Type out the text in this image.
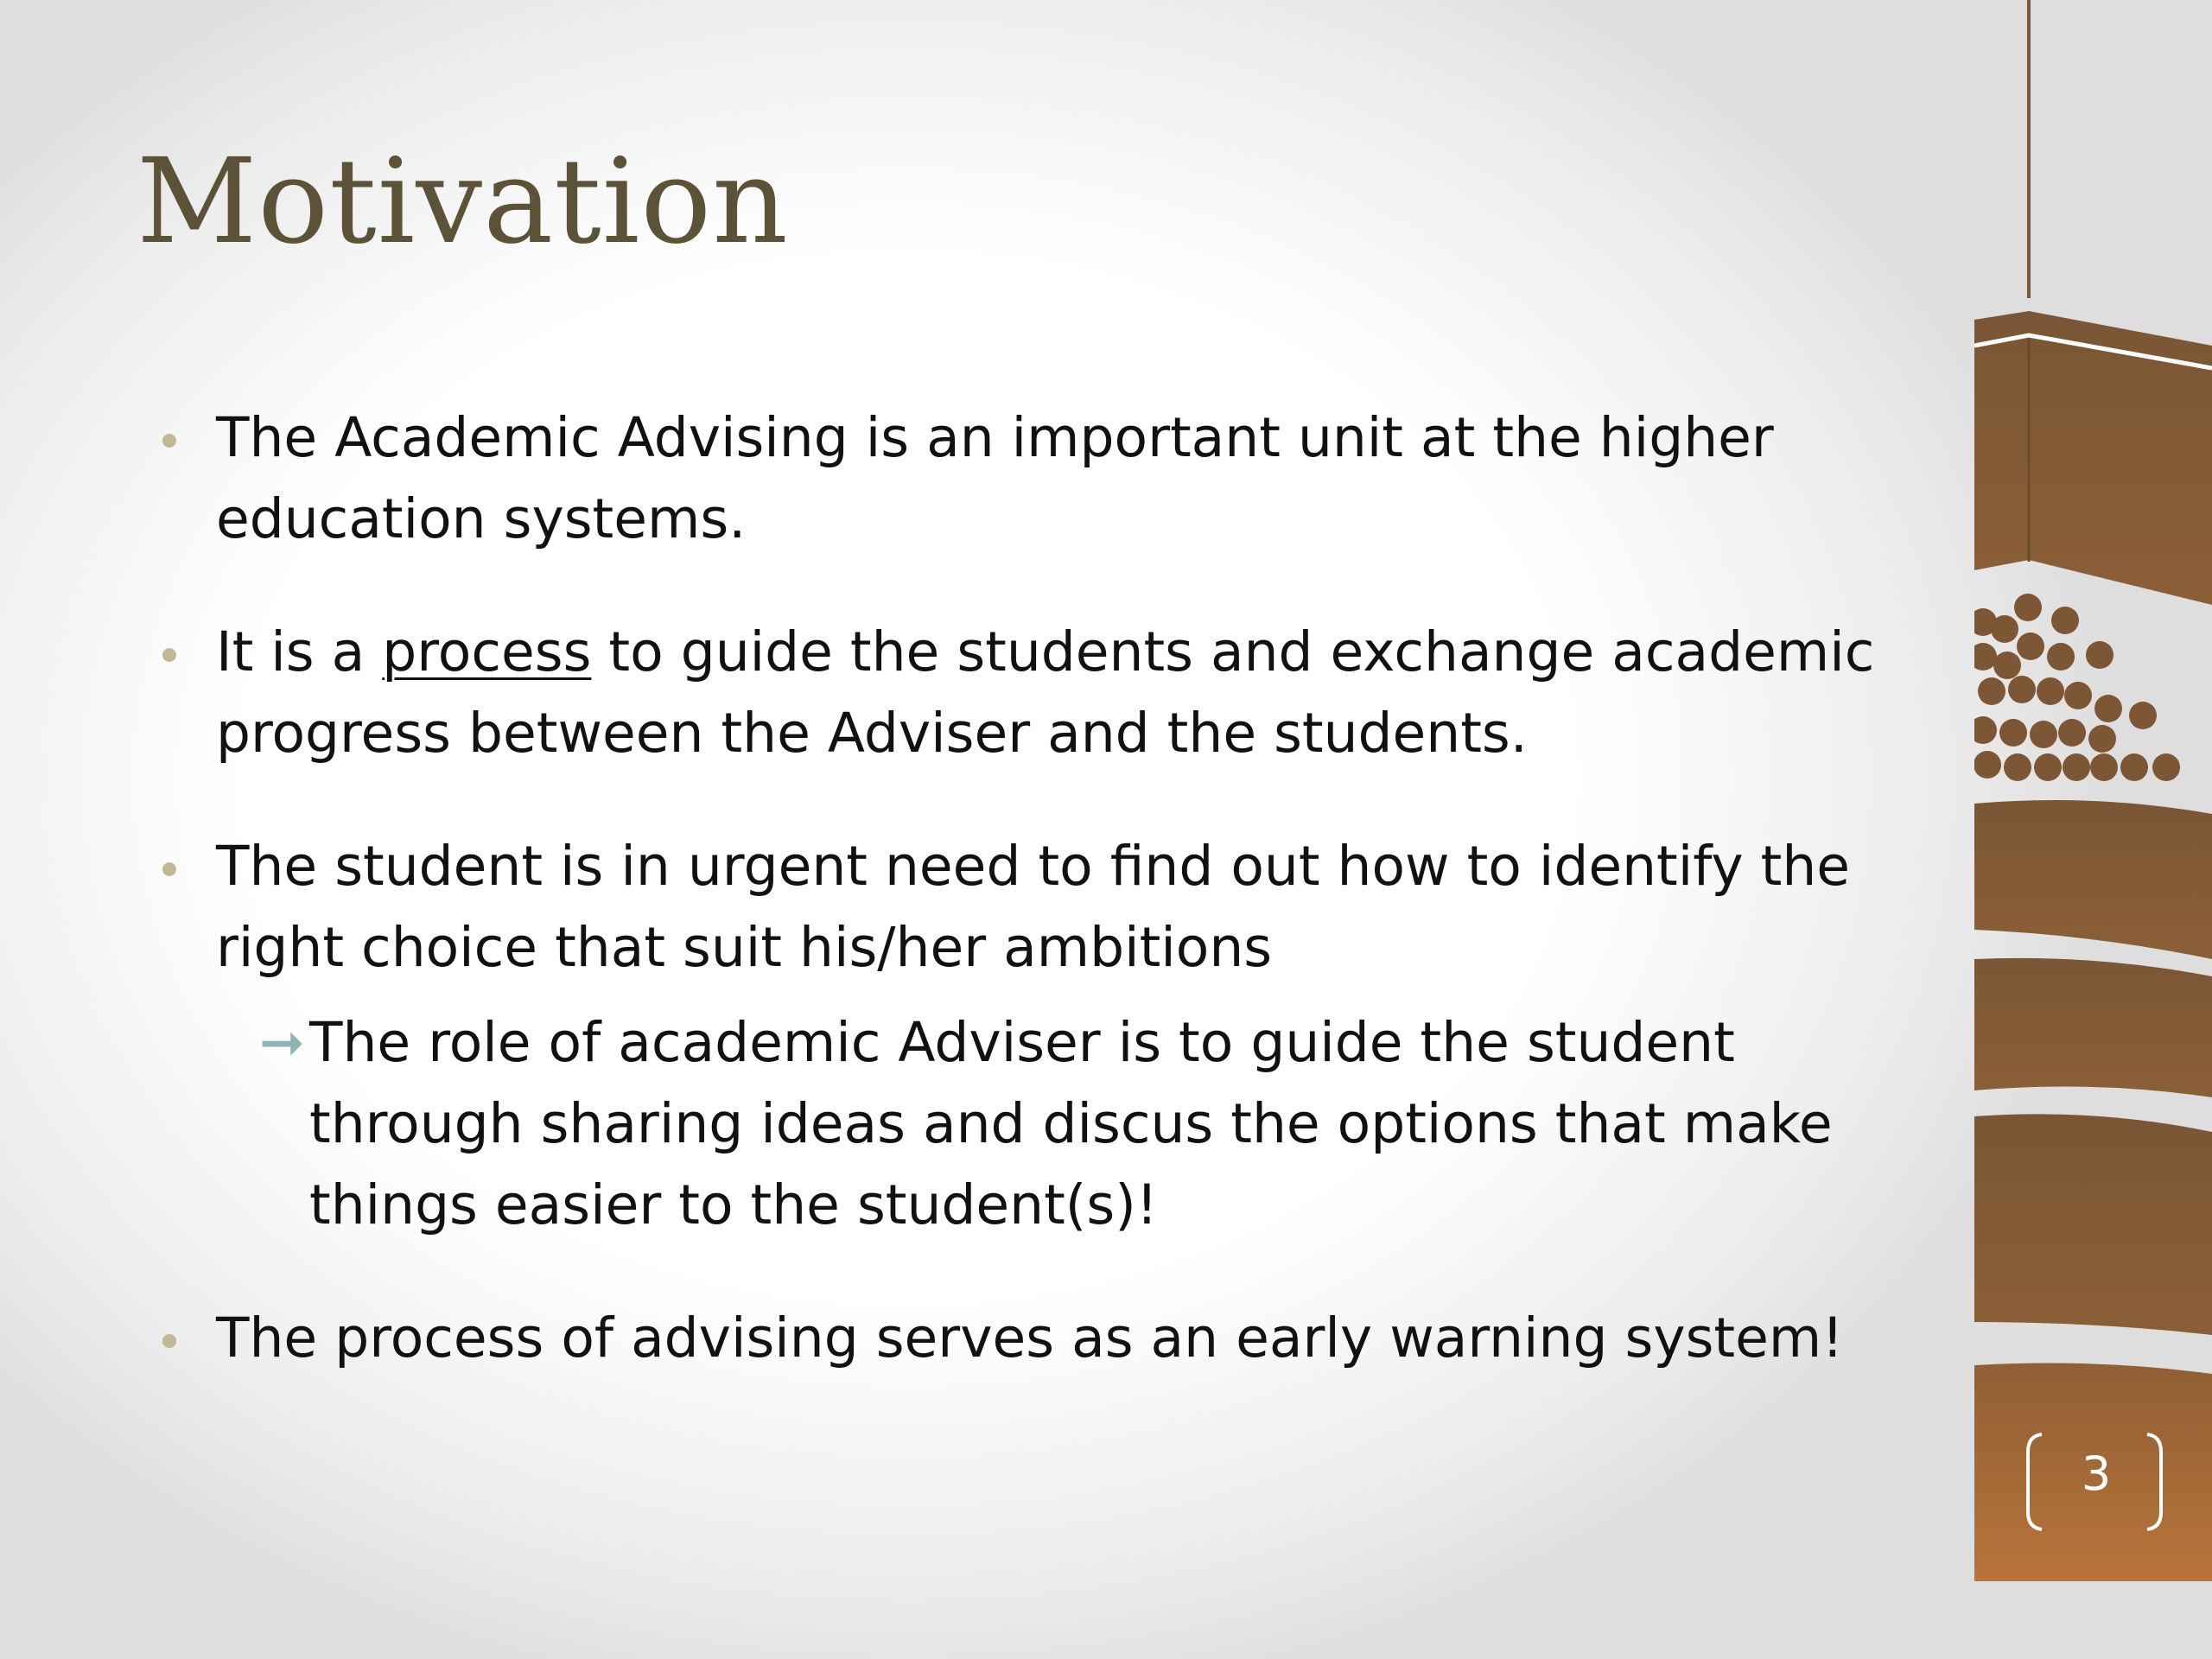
Motivation
The Academic Advising is an important unit at the higher education systems.
It is a process to guide the students and exchange academic progress between the Adviser and the students.
The student is in urgent need to find out how to identify the right choice that suit his/her ambitions
➞ The role of academic Adviser is to guide the student through sharing ideas and discus the options that make things easier to the student(s)!
The process of advising serves as an early warning system!
3
